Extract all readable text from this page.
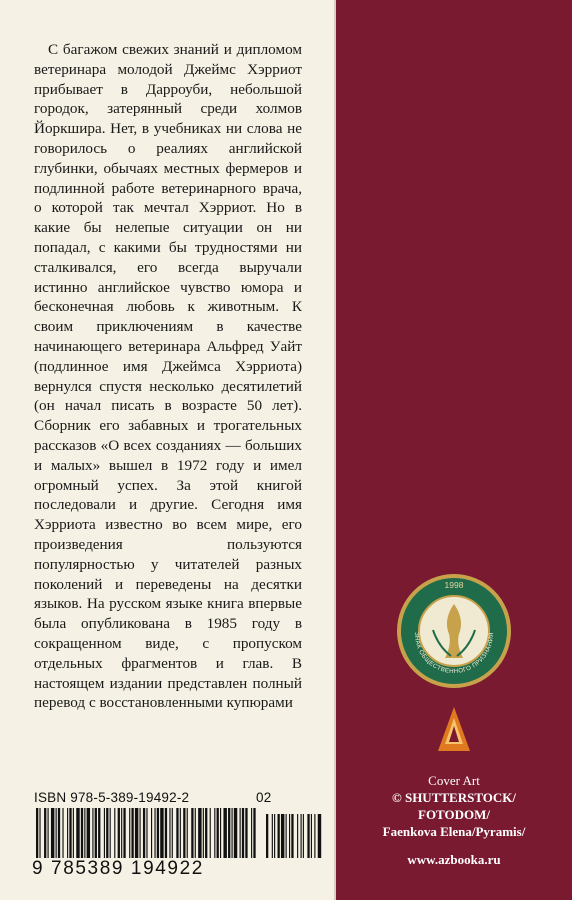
С багажом свежих знаний и дипломом ветеринара молодой Джеймс Хэрриот прибывает в Дарроуби, небольшой городок, затерянный среди холмов Йоркшира. Нет, в учебниках ни слова не говорилось о реалиях английской глубинки, обычаях местных фермеров и подлинной работе ветеринарного врача, о которой так мечтал Хэрриот. Но в какие бы нелепые ситуации он ни попадал, с какими бы трудностями ни сталкивался, его всегда выручали истинно английское чувство юмора и бесконечная любовь к животным. К своим приключениям в качестве начинающего ветеринара Альфред Уайт (подлинное имя Джеймса Хэрриота) вернулся спустя несколько десятилетий (он начал писать в возрасте 50 лет). Сборник его забавных и трогательных рассказов «О всех созданиях — больших и малых» вышел в 1972 году и имел огромный успех. За этой книгой последовали и другие. Сегодня имя Хэрриота известно во всем мире, его произведения пользуются популярностью у читателей разных поколений и переведены на десятки языков. На русском языке книга впервые была опубликована в 1985 году в сокращенном виде, с пропуском отдельных фрагментов и глав. В настоящем издании представлен полный перевод с восстановленными купюрами

ISBN 978-5-389-19492-2	02
9 785389 194922
ЗНАК ОБЩЕСТВЕННОГО ПРИЗНАНИЯ
1998
Cover Art
© SHUTTERSTOCK/
FOTODOM/
Faenkova Elena/Pyramis/
www.azbooka.ru
